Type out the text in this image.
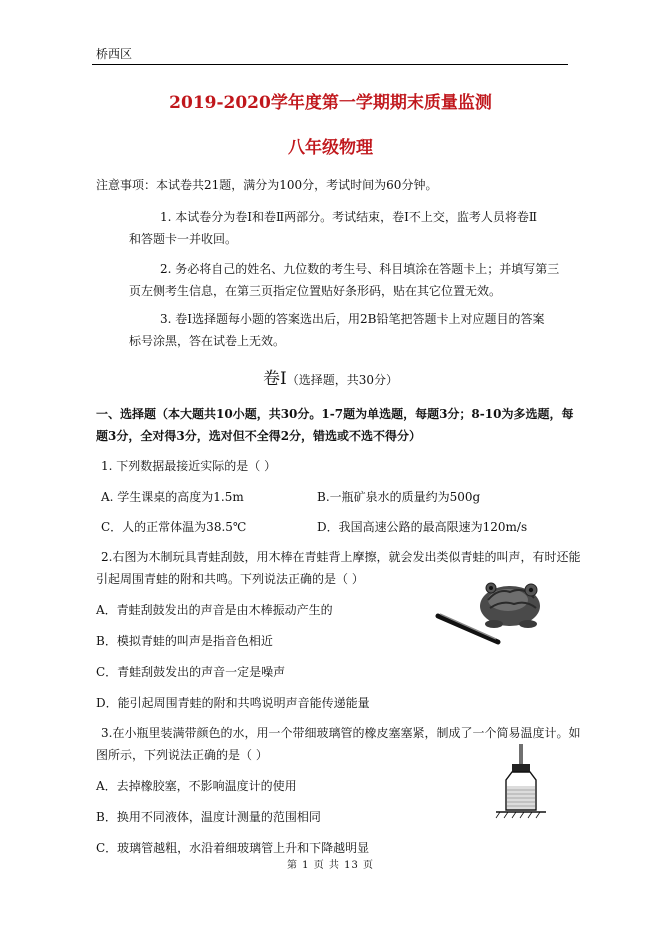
桥西区
2019-2020学年度第一学期期末质量监测
八年级物理
注意事项：本试卷共21题，满分为100分，考试时间为60分钟。
1. 本试卷分为卷Ⅰ和卷Ⅱ两部分。考试结束，卷Ⅰ不上交，监考人员将卷Ⅱ
和答题卡一并收回。
2. 务必将自己的姓名、九位数的考生号、科目填涂在答题卡上；并填写第三
页左侧考生信息，在第三页指定位置贴好条形码，贴在其它位置无效。
3. 卷Ⅰ选择题每小题的答案选出后，用2B铅笔把答题卡上对应题目的答案
标号涂黑，答在试卷上无效。
卷Ⅰ（选择题，共30分）
一、选择题（本大题共10小题，共30分。1-7题为单选题，每题3分；8-10为多选题，每
题3分，全对得3分，选对但不全得2分，错选或不选不得分）
1. 下列数据最接近实际的是（ ）
A. 学生课桌的高度为1.5m	B.一瓶矿泉水的质量约为500g
C．人的正常体温为38.5℃	D．我国高速公路的最高限速为120m/s
2.右图为木制玩具青蛙刮鼓，用木棒在青蛙背上摩擦，就会发出类似青蛙的叫声，有时还能
引起周围青蛙的附和共鸣。下列说法正确的是（ ）
A．青蛙刮鼓发出的声音是由木棒振动产生的
B．模拟青蛙的叫声是指音色相近
C．青蛙刮鼓发出的声音一定是噪声
D．能引起周围青蛙的附和共鸣说明声音能传递能量
3.在小瓶里装满带颜色的水，用一个带细玻璃管的橡皮塞塞紧，制成了一个简易温度计。如
图所示，下列说法正确的是（ ）
A．去掉橡胶塞，不影响温度计的使用
B．换用不同液体，温度计测量的范围相同
C．玻璃管越粗，水沿着细玻璃管上升和下降越明显
第 1 页 共 13 页
